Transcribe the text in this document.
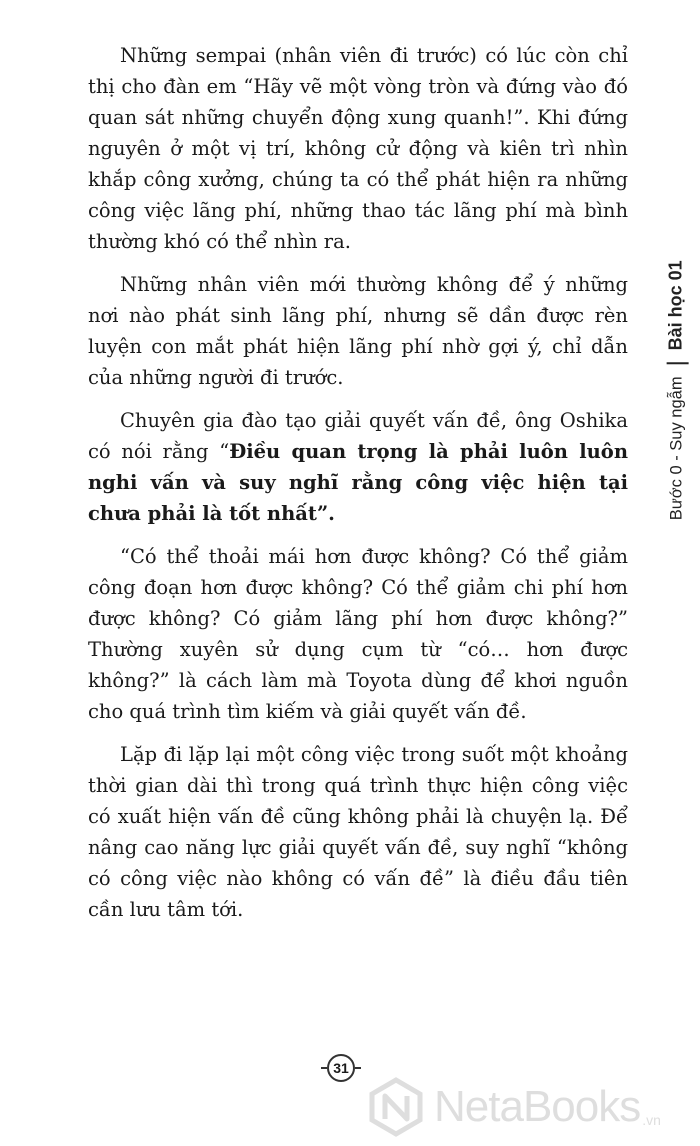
Những sempai (nhân viên đi trước) có lúc còn chỉ thị cho đàn em “Hãy vẽ một vòng tròn và đứng vào đó quan sát những chuyển động xung quanh!”. Khi đứng nguyên ở một vị trí, không cử động và kiên trì nhìn khắp công xưởng, chúng ta có thể phát hiện ra những công việc lãng phí, những thao tác lãng phí mà bình thường khó có thể nhìn ra.

Những nhân viên mới thường không để ý những nơi nào phát sinh lãng phí, nhưng sẽ dần được rèn luyện con mắt phát hiện lãng phí nhờ gợi ý, chỉ dẫn của những người đi trước.

Chuyên gia đào tạo giải quyết vấn đề, ông Oshika có nói rằng “Điều quan trọng là phải luôn luôn nghi vấn và suy nghĩ rằng công việc hiện tại chưa phải là tốt nhất”.

“Có thể thoải mái hơn được không? Có thể giảm công đoạn hơn được không? Có thể giảm chi phí hơn được không? Có giảm lãng phí hơn được không?” Thường xuyên sử dụng cụm từ “có… hơn được không?” là cách làm mà Toyota dùng để khơi nguồn cho quá trình tìm kiếm và giải quyết vấn đề.

Lặp đi lặp lại một công việc trong suốt một khoảng thời gian dài thì trong quá trình thực hiện công việc có xuất hiện vấn đề cũng không phải là chuyện lạ. Để nâng cao năng lực giải quyết vấn đề, suy nghĩ “không có công việc nào không có vấn đề” là điều đầu tiên cần lưu tâm tới.

Bước 0 - Suy ngẫmBài học 01
31
NetaBooks .vn
